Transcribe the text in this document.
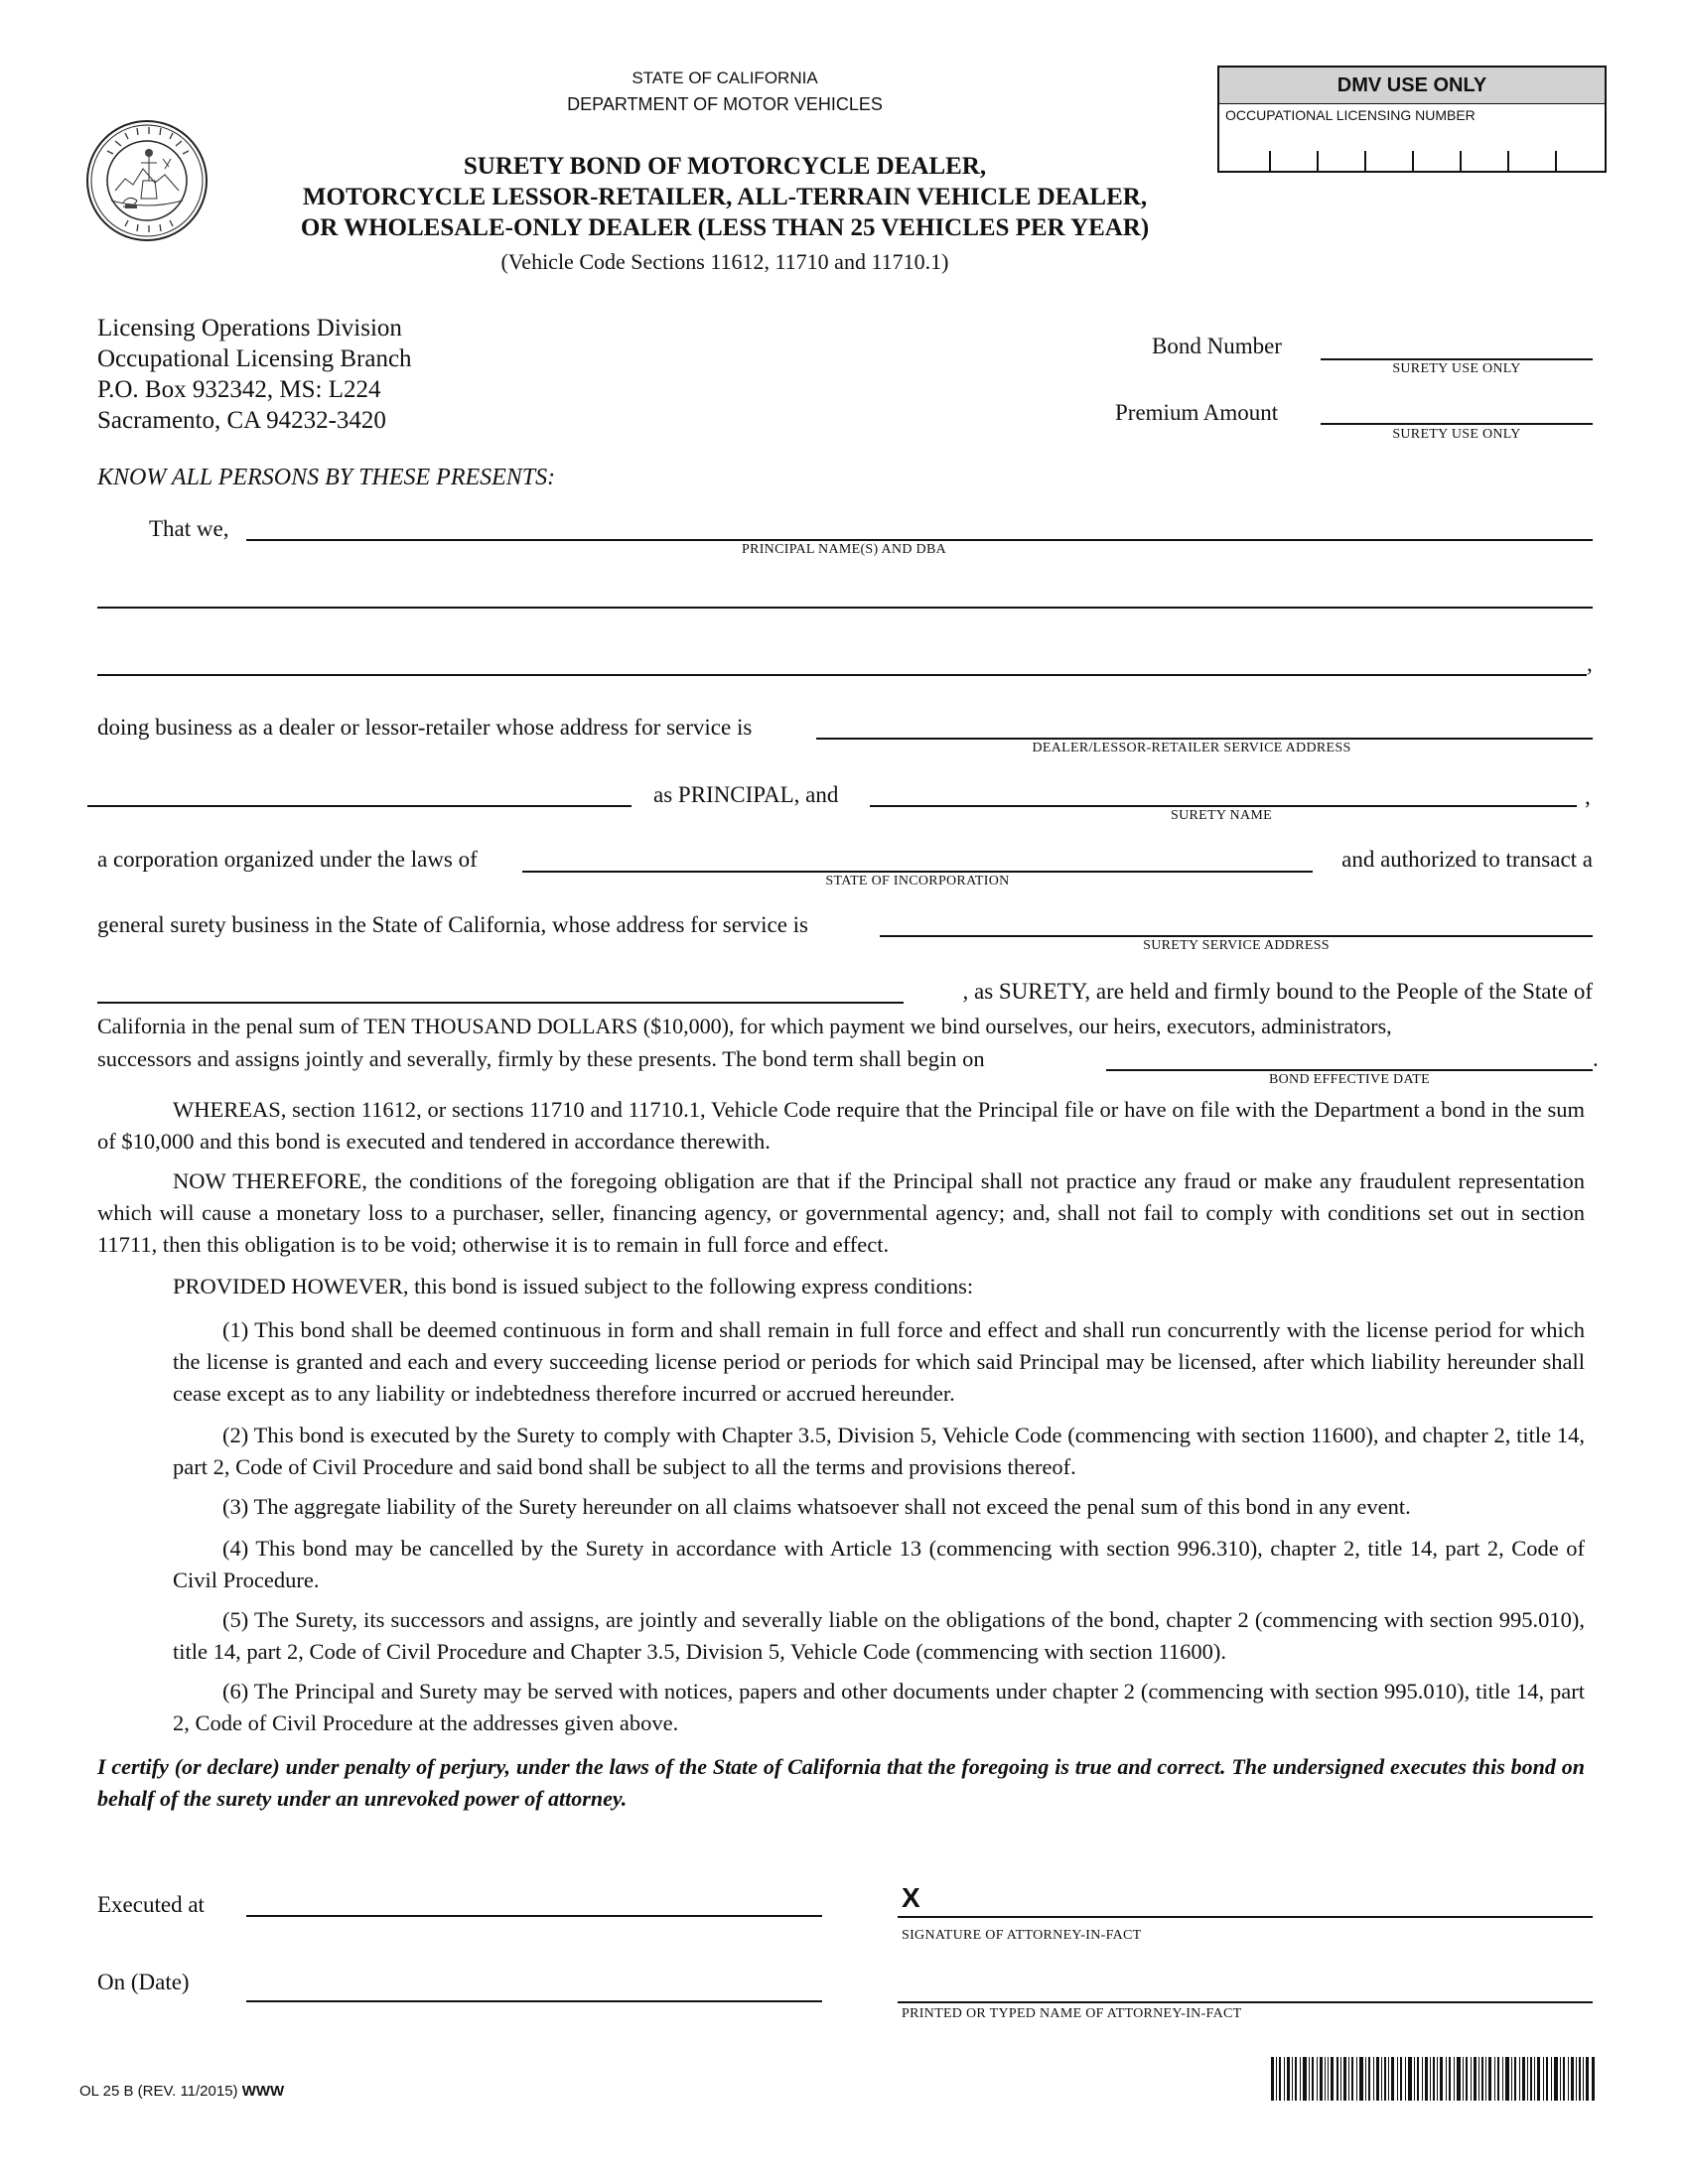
STATE OF CALIFORNIA
DEPARTMENT OF MOTOR VEHICLES
SURETY BOND OF MOTORCYCLE DEALER,
MOTORCYCLE LESSOR-RETAILER, ALL-TERRAIN VEHICLE DEALER,
OR WHOLESALE-ONLY DEALER (LESS THAN 25 VEHICLES PER YEAR)
(Vehicle Code Sections 11612, 11710 and 11710.1)
DMV USE ONLY
OCCUPATIONAL LICENSING NUMBER
Licensing Operations Division
Occupational Licensing Branch
P.O. Box 932342, MS: L224
Sacramento, CA 94232-3420
Bond Number
SURETY USE ONLY
Premium Amount
SURETY USE ONLY
KNOW ALL PERSONS BY THESE PRESENTS:
That we,
PRINCIPAL NAME(S) AND DBA
,
doing business as a dealer or lessor-retailer whose address for service is
DEALER/LESSOR-RETAILER SERVICE ADDRESS
as PRINCIPAL, and	,
SURETY NAME
a corporation organized under the laws of
STATE OF INCORPORATION
and authorized to transact a
general surety business in the State of California, whose address for service is
SURETY SERVICE ADDRESS
, as SURETY, are held and firmly bound to the People of the State of
California in the penal sum of TEN THOUSAND DOLLARS ($10,000), for which payment we bind ourselves, our heirs, executors, administrators,
successors and assigns jointly and severally, firmly by these presents. The bond term shall begin on	.
BOND EFFECTIVE DATE
WHEREAS, section 11612, or sections 11710 and 11710.1, Vehicle Code require that the Principal file or have on file with the Department a bond in the sum of $10,000 and this bond is executed and tendered in accordance therewith.
NOW THEREFORE, the conditions of the foregoing obligation are that if the Principal shall not practice any fraud or make any fraudulent representation which will cause a monetary loss to a purchaser, seller, financing agency, or governmental agency; and, shall not fail to comply with conditions set out in section 11711, then this obligation is to be void; otherwise it is to remain in full force and effect.
PROVIDED HOWEVER, this bond is issued subject to the following express conditions:
(1) This bond shall be deemed continuous in form and shall remain in full force and effect and shall run concurrently with the license period for which the license is granted and each and every succeeding license period or periods for which said Principal may be licensed, after which liability hereunder shall cease except as to any liability or indebtedness therefore incurred or accrued hereunder.
(2) This bond is executed by the Surety to comply with Chapter 3.5, Division 5, Vehicle Code (commencing with section 11600), and chapter 2, title 14, part 2, Code of Civil Procedure and said bond shall be subject to all the terms and provisions thereof.
(3) The aggregate liability of the Surety hereunder on all claims whatsoever shall not exceed the penal sum of this bond in any event.
(4) This bond may be cancelled by the Surety in accordance with Article 13 (commencing with section 996.310), chapter 2, title 14, part 2, Code of Civil Procedure.
(5) The Surety, its successors and assigns, are jointly and severally liable on the obligations of the bond, chapter 2 (commencing with section 995.010), title 14, part 2, Code of Civil Procedure and Chapter 3.5, Division 5, Vehicle Code (commencing with section 11600).
(6) The Principal and Surety may be served with notices, papers and other documents under chapter 2 (commencing with section 995.010), title 14, part 2, Code of Civil Procedure at the addresses given above.
I certify (or declare) under penalty of perjury, under the laws of the State of California that the foregoing is true and correct. The undersigned executes this bond on behalf of the surety under an unrevoked power of attorney.
Executed at	X
SIGNATURE OF ATTORNEY-IN-FACT
On (Date)
PRINTED OR TYPED NAME OF ATTORNEY-IN-FACT
OL 25 B (REV. 11/2015) WWW
